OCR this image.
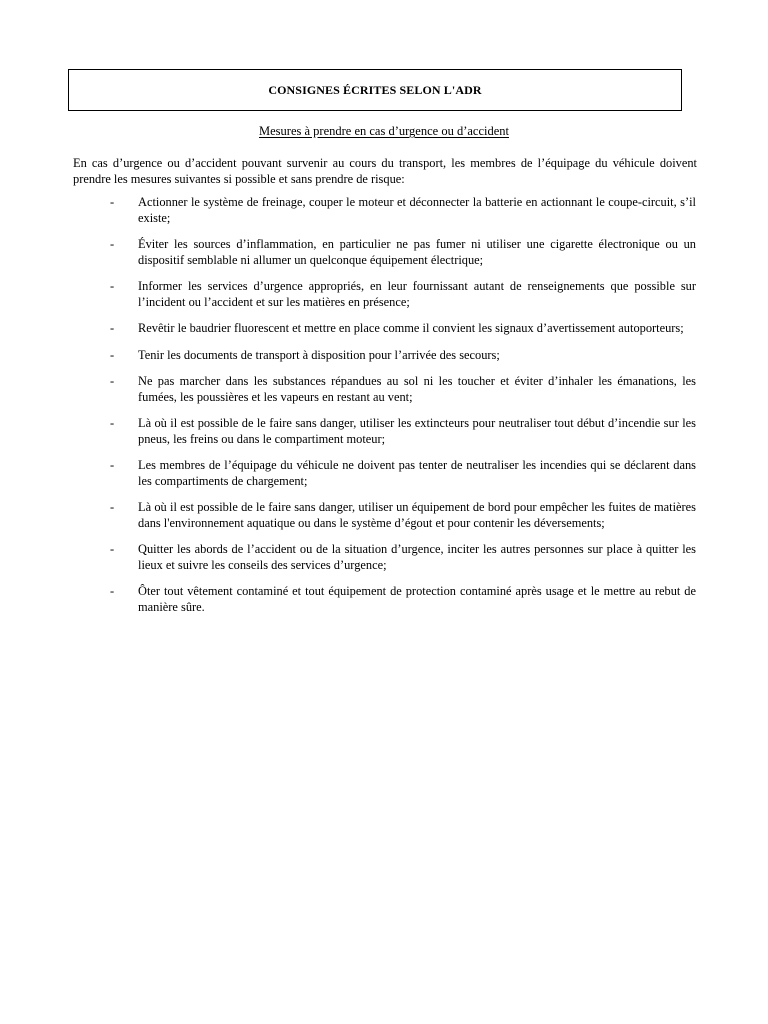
CONSIGNES ÉCRITES SELON L'ADR
Mesures à prendre en cas d’urgence ou d’accident
En cas d’urgence ou d’accident pouvant survenir au cours du transport, les membres de l’équipage du véhicule doivent prendre les mesures suivantes si possible et sans prendre de risque:
- Actionner le système de freinage, couper le moteur et déconnecter la batterie en actionnant le coupe-circuit, s’il existe;
- Éviter les sources d’inflammation, en particulier ne pas fumer ni utiliser une cigarette électronique ou un dispositif semblable ni allumer un quelconque équipement électrique;
- Informer les services d’urgence appropriés, en leur fournissant autant de renseignements que possible sur l’incident ou l’accident et sur les matières en présence;
- Revêtir le baudrier fluorescent et mettre en place comme il convient les signaux d’avertissement autoporteurs;
- Tenir les documents de transport à disposition pour l’arrivée des secours;
- Ne pas marcher dans les substances répandues au sol ni les toucher et éviter d’inhaler les émanations, les fumées, les poussières et les vapeurs en restant au vent;
- Là où il est possible de le faire sans danger, utiliser les extincteurs pour neutraliser tout début d’incendie sur les pneus, les freins ou dans le compartiment moteur;
- Les membres de l’équipage du véhicule ne doivent pas tenter de neutraliser les incendies qui se déclarent dans les compartiments de chargement;
- Là où il est possible de le faire sans danger, utiliser un équipement de bord pour empêcher les fuites de matières dans l'environnement aquatique ou dans le système d’égout et pour contenir les déversements;
- Quitter les abords de l’accident ou de la situation d’urgence, inciter les autres personnes sur place à quitter les lieux et suivre les conseils des services d’urgence;
- Ôter tout vêtement contaminé et tout équipement de protection contaminé après usage et le mettre au rebut de manière sûre.
